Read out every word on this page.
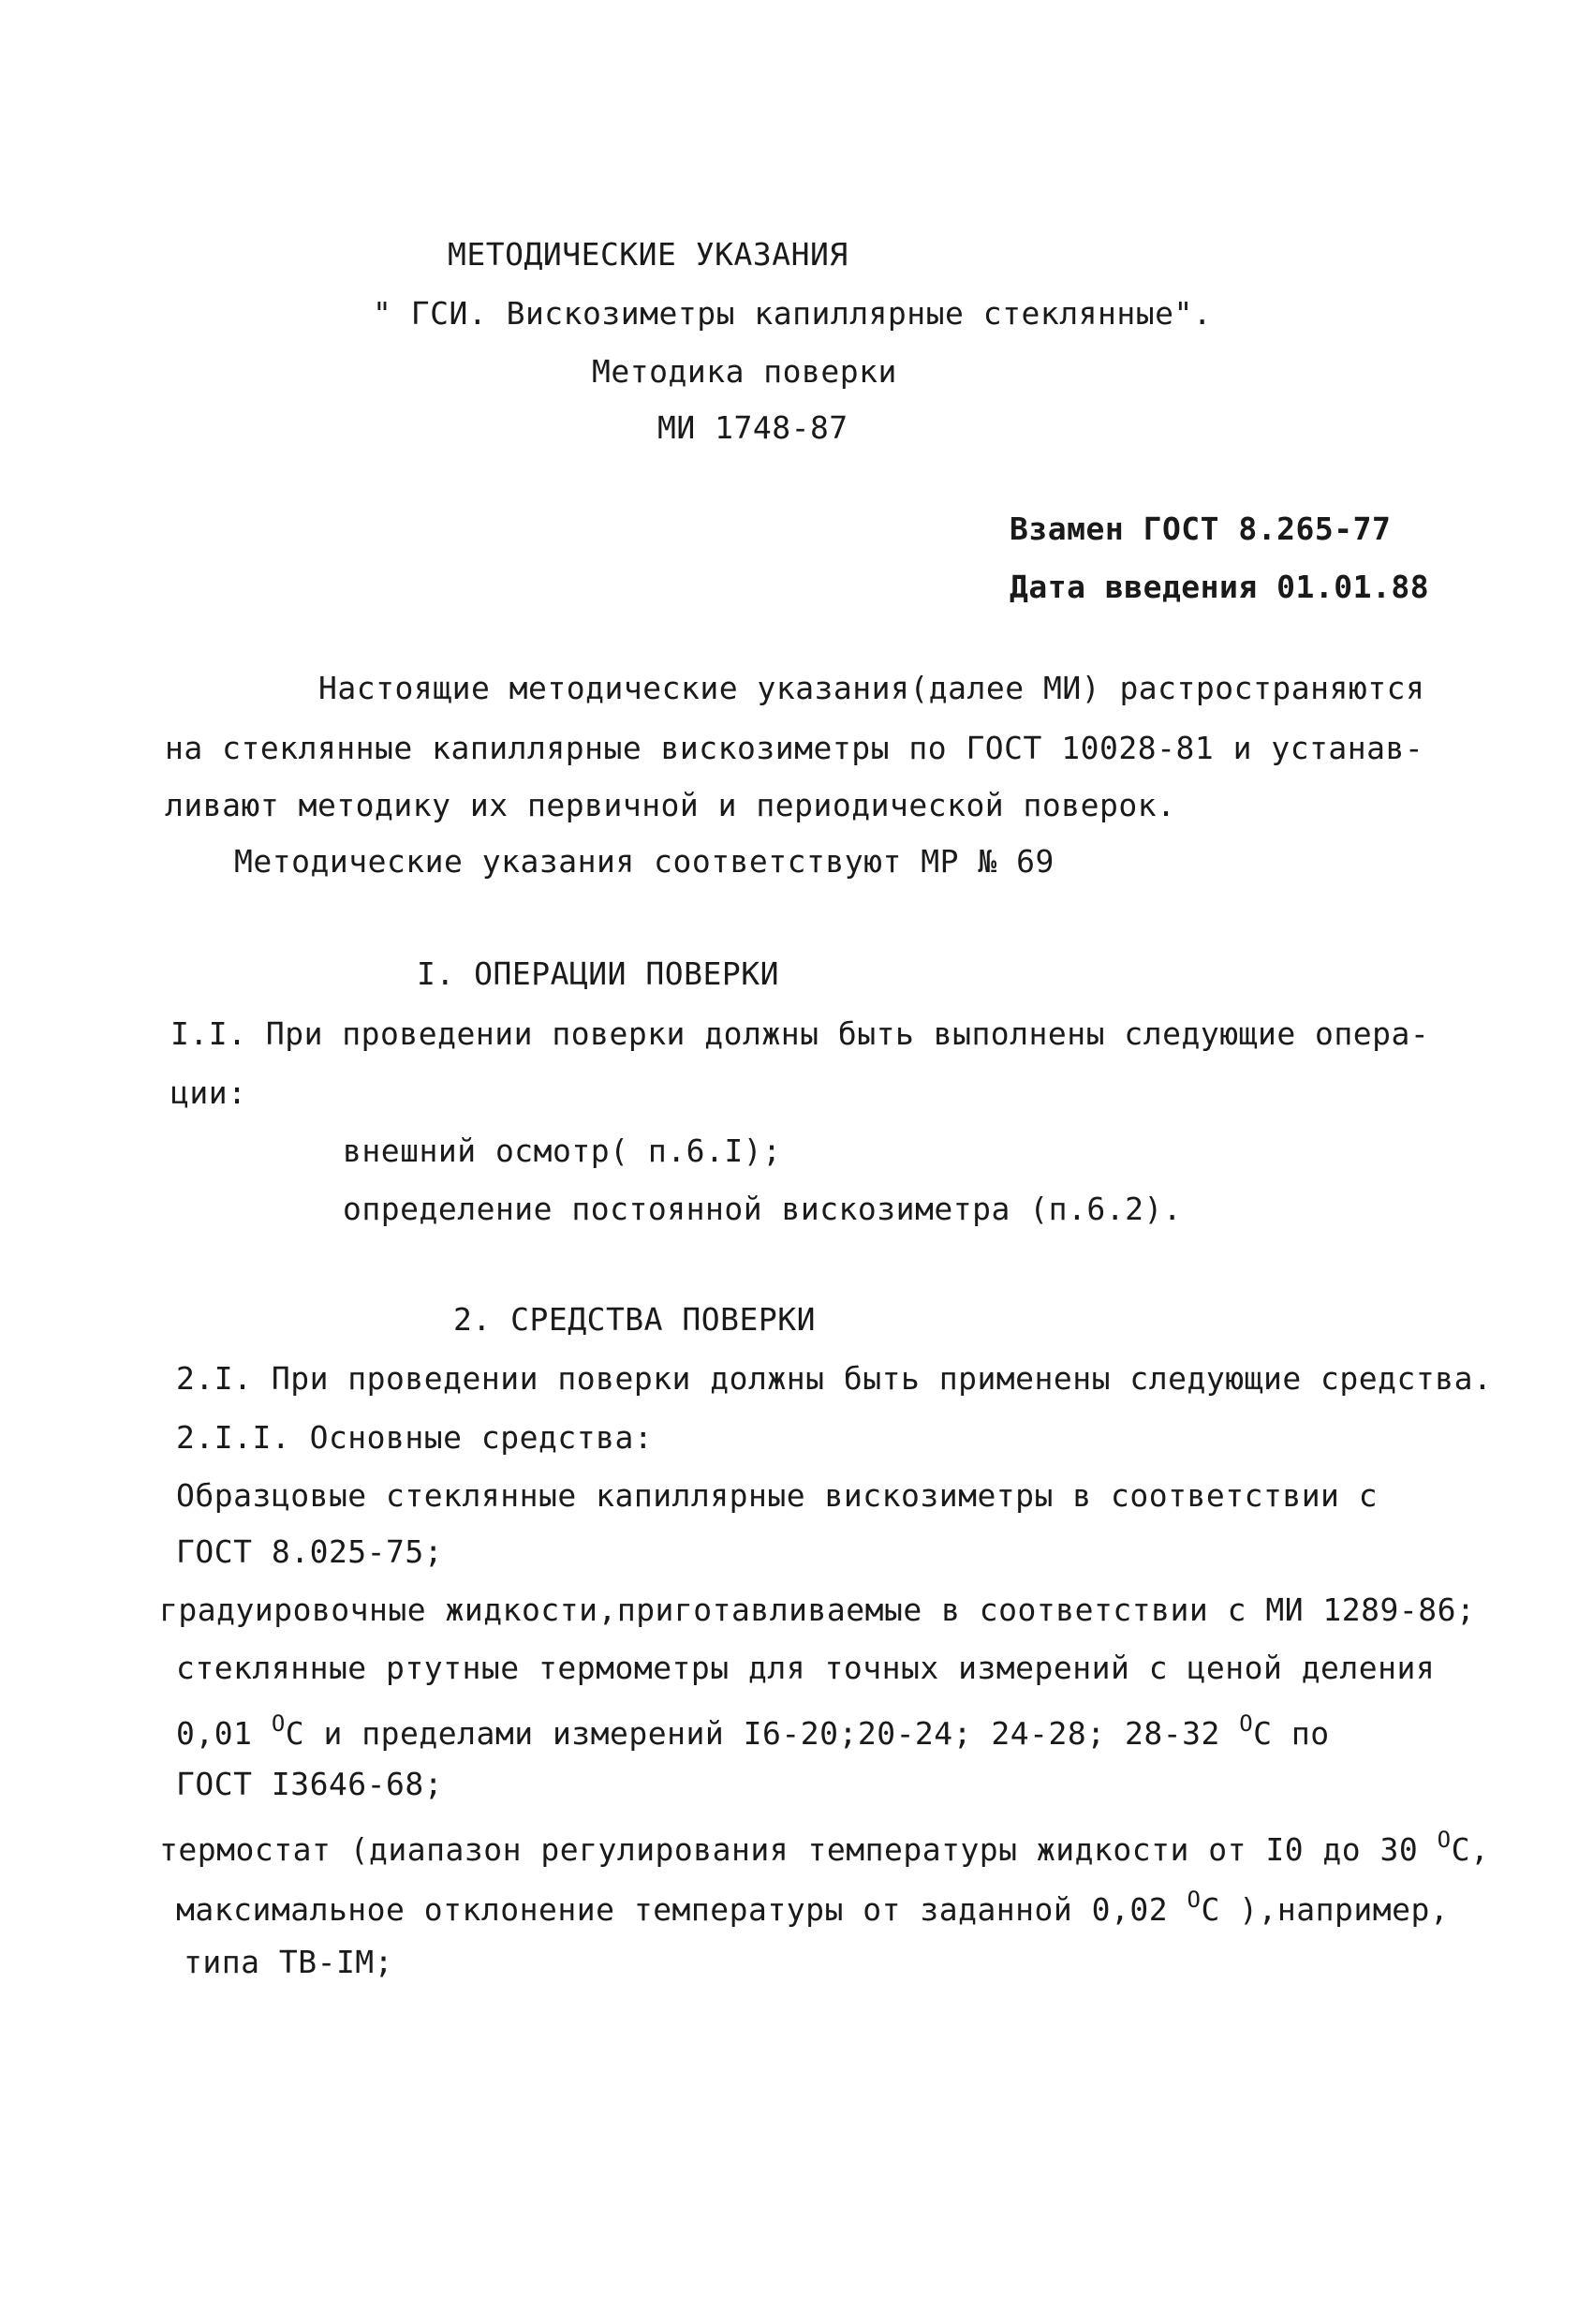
МЕТОДИЧЕСКИЕ УКАЗАНИЯ
" ГСИ. Вискозиметры капиллярные стеклянные".
Методика поверки
МИ 1748-87
Взамен ГОСТ 8.265-77
Дата введения 01.01.88
Настоящие методические указания(далее МИ) растространяются
на стеклянные капиллярные вискозиметры по ГОСТ 10028-81 и устанав-
ливают методику их первичной и периодической поверок.
Методические указания соответствуют МР № 69
I. ОПЕРАЦИИ ПОВЕРКИ
I.I. При проведении поверки должны быть выполнены следующие опера-
ции:
внешний осмотр( п.6.I);
определение постоянной вискозиметра (п.6.2).
2. СРЕДСТВА ПОВЕРКИ
2.I. При проведении поверки должны быть применены следующие средства.
2.I.I. Основные средства:
Образцовые стеклянные капиллярные вискозиметры в соответствии с
ГОСТ 8.025-75;
градуировочные жидкости,приготавливаемые в соответствии с МИ 1289-86;
стеклянные ртутные термометры для точных измерений с ценой деления
0,01 $^O$С и пределами измерений I6-20;20-24; 24-28; 28-32 $^O$С по
ГОСТ I3646-68;
термостат (диапазон регулирования температуры жидкости от I0 до 30 $^O$С,
максимальное отклонение температуры от заданной 0,02 $^O$С ),например,
типа ТВ-IМ;
